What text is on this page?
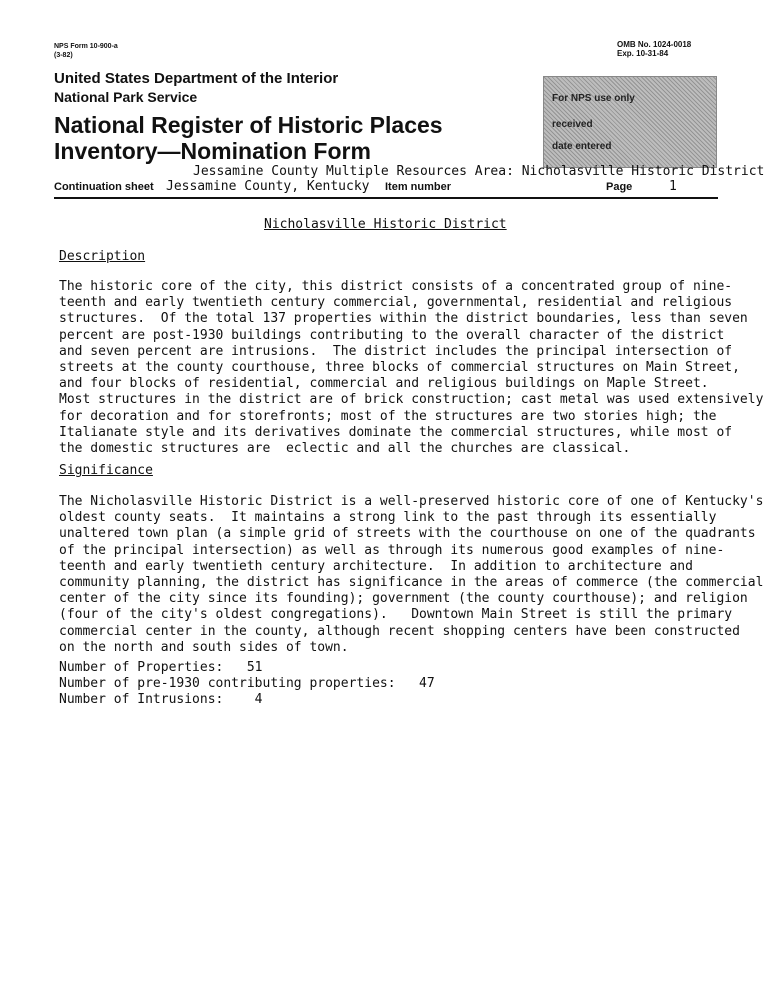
NPS Form 10-900-a
(3-82)
OMB No. 1024-0018
Exp. 10-31-84
United States Department of the Interior
National Park Service
National Register of Historic Places
Inventory—Nomination Form
For NPS use only
received
date entered
Jessamine County Multiple Resources Area: Nicholasville Historic District
Continuation sheet Jessamine County, Kentucky Item number	Page	1
Nicholasville Historic District
Description
The historic core of the city, this district consists of a concentrated group of nine-
teenth and early twentieth century commercial, governmental, residential and religious
structures.  Of the total 137 properties within the district boundaries, less than seven
percent are post-1930 buildings contributing to the overall character of the district
and seven percent are intrusions.  The district includes the principal intersection of
streets at the county courthouse, three blocks of commercial structures on Main Street,
and four blocks of residential, commercial and religious buildings on Maple Street.
Most structures in the district are of brick construction; cast metal was used extensively
for decoration and for storefronts; most of the structures are two stories high; the
Italianate style and its derivatives dominate the commercial structures, while most of
the domestic structures are  eclectic and all the churches are classical.
Significance
The Nicholasville Historic District is a well-preserved historic core of one of Kentucky's
oldest county seats.  It maintains a strong link to the past through its essentially
unaltered town plan (a simple grid of streets with the courthouse on one of the quadrants
of the principal intersection) as well as through its numerous good examples of nine-
teenth and early twentieth century architecture.  In addition to architecture and
community planning, the district has significance in the areas of commerce (the commercial
center of the city since its founding); government (the county courthouse); and religion
(four of the city's oldest congregations).   Downtown Main Street is still the primary
commercial center in the county, although recent shopping centers have been constructed
on the north and south sides of town.
Number of Properties:   51
Number of pre-1930 contributing properties:   47
Number of Intrusions:    4
